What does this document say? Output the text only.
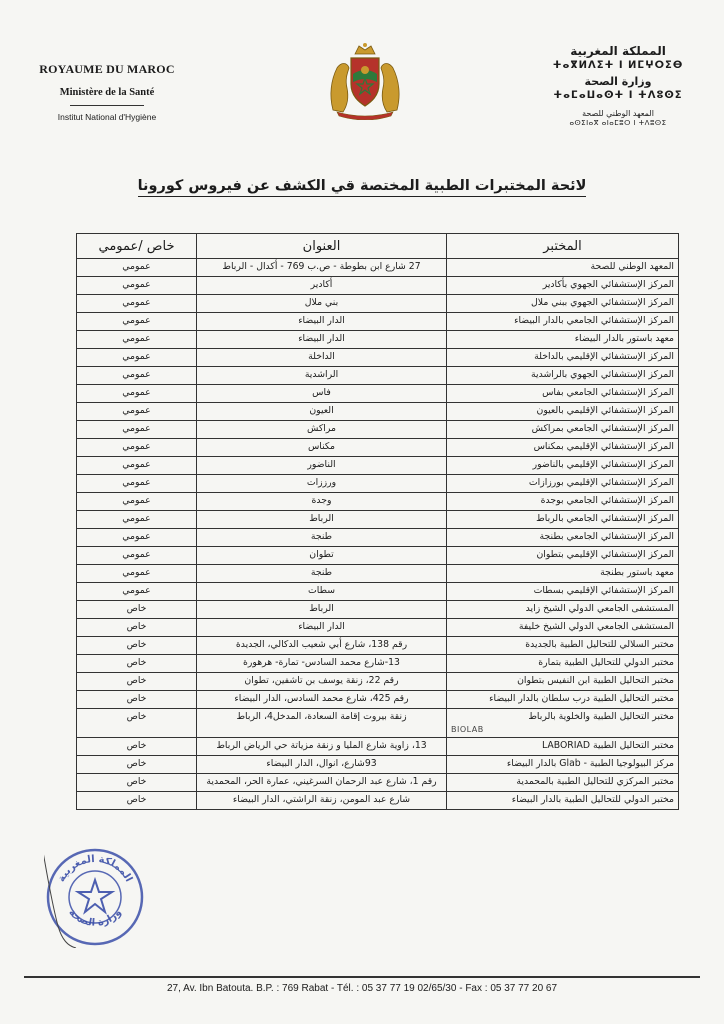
ROYAUME DU MAROC
Ministère de la Santé
Institut National d'Hygiène
المملكة المغربية
ⵜⴰⴳⵍⴷⵉⵜ ⵏ ⵍⵎⵖⵔⵉⴱ
وزارة الصحة
ⵜⴰⵎⴰⵡⴰⵙⵜ ⵏ ⵜⴷⵓⵙⵉ
المعهد الوطني للصحة
ⴰⵙⵉⵏⴰⴳ ⴰⵏⴰⵎⵓⵔ ⵏ ⵜⴷⵓⵙⵉ
لائحة المختبرات الطبية المختصة قي الكشف عن فيروس كورونا
المختبر	العنوان	خاص /عمومي
المعهد الوطني للصحة	27 شارع ابن بطوطة - ص.ب 769 - أكدال - الرباط	عمومي
المركز الإستشفائي الجهوي بأكادير	أكادير	عمومي
المركز الإستشفائي الجهوي ببني ملال	بني ملال	عمومي
المركز الإستشفائي الجامعي بالدار البيضاء	الدار البيضاء	عمومي
معهد باستور بالدار البيضاء	الدار البيضاء	عمومي
المركز الإستشفائي الإقليمي بالداخلة	الداخلة	عمومي
المركز الإستشفائي الجهوي بالراشدية	الراشدية	عمومي
المركز الإستشفائي الجامعي بفاس	فاس	عمومي
المركز الإستشفائي الإقليمي بالعيون	العيون	عمومي
المركز الإستشفائي الجامعي بمراكش	مراكش	عمومي
المركز الإستشفائي الإقليمي بمكناس	مكناس	عمومي
المركز الإستشفائي الإقليمي بالناضور	الناضور	عمومي
المركز الإستشفائي الإقليمي بورزازات	ورززات	عمومي
المركز الإستشفائي الجامعي بوجدة	وجدة	عمومي
المركز الإستشفائي الجامعي بالرباط	الرباط	عمومي
المركز الإستشفائي الجامعي بطنجة	طنجة	عمومي
المركز الإستشفائي الإقليمي بتطوان	تطوان	عمومي
معهد باستور بطنجة	طنجة	عمومي
المركز الإستشفائي الإقليمي بسطات	سطات	عمومي
المستشفى الجامعي الدولي الشيخ زايد	الرباط	خاص
المستشفى الجامعي الدولي الشيخ خليفة	الدار البيضاء	خاص
مختبر السلالي للتحاليل الطبية بالجديدة	رقم 138، شارع أبي شعيب الدكالي، الجديدة	خاص
مختبر الدولي للتحاليل الطبية بتمارة	13-شارع محمد السادس- تمارة- هرهورة	خاص
مختبر التحاليل الطبية ابن النفيس بتطوان	رقم 22، زنقة يوسف بن تاشفين، تطوان	خاص
مختبر التحاليل الطبية درب سلطان بالدار البيضاء	رقم 425، شارع محمد السادس، الدار البيضاء	خاص
مختبر التحاليل الطبية والخلوية بالرباط
BIOLAB	زنقة بيروت إقامة السعادة، المدخل4، الرباط	خاص
مختبر التحاليل الطبية LABORIAD	13، زاوية شارع المليا و زنقة مزياتة حي الرياض الرباط	خاص
مركز البيولوجيا الطبية - Glab بالدار البيضاء	93شارع، انوال، الدار البيضاء	خاص
مختبر المركزي للتحاليل الطبية بالمحمدية	رقم 1، شارع عبد الرحمان السرغيني، عمارة الحر، المحمدية	خاص
مختبر الدولي للتحاليل الطبية بالدار البيضاء	شارع عبد المومن، زنقة الراشتي، الدار البيضاء	خاص
المملكة المغربية
وزارة الصحة
27, Av. Ibn Batouta. B.P. : 769 Rabat - Tél. : 05 37 77 19 02/65/30 - Fax : 05 37 77 20 67
